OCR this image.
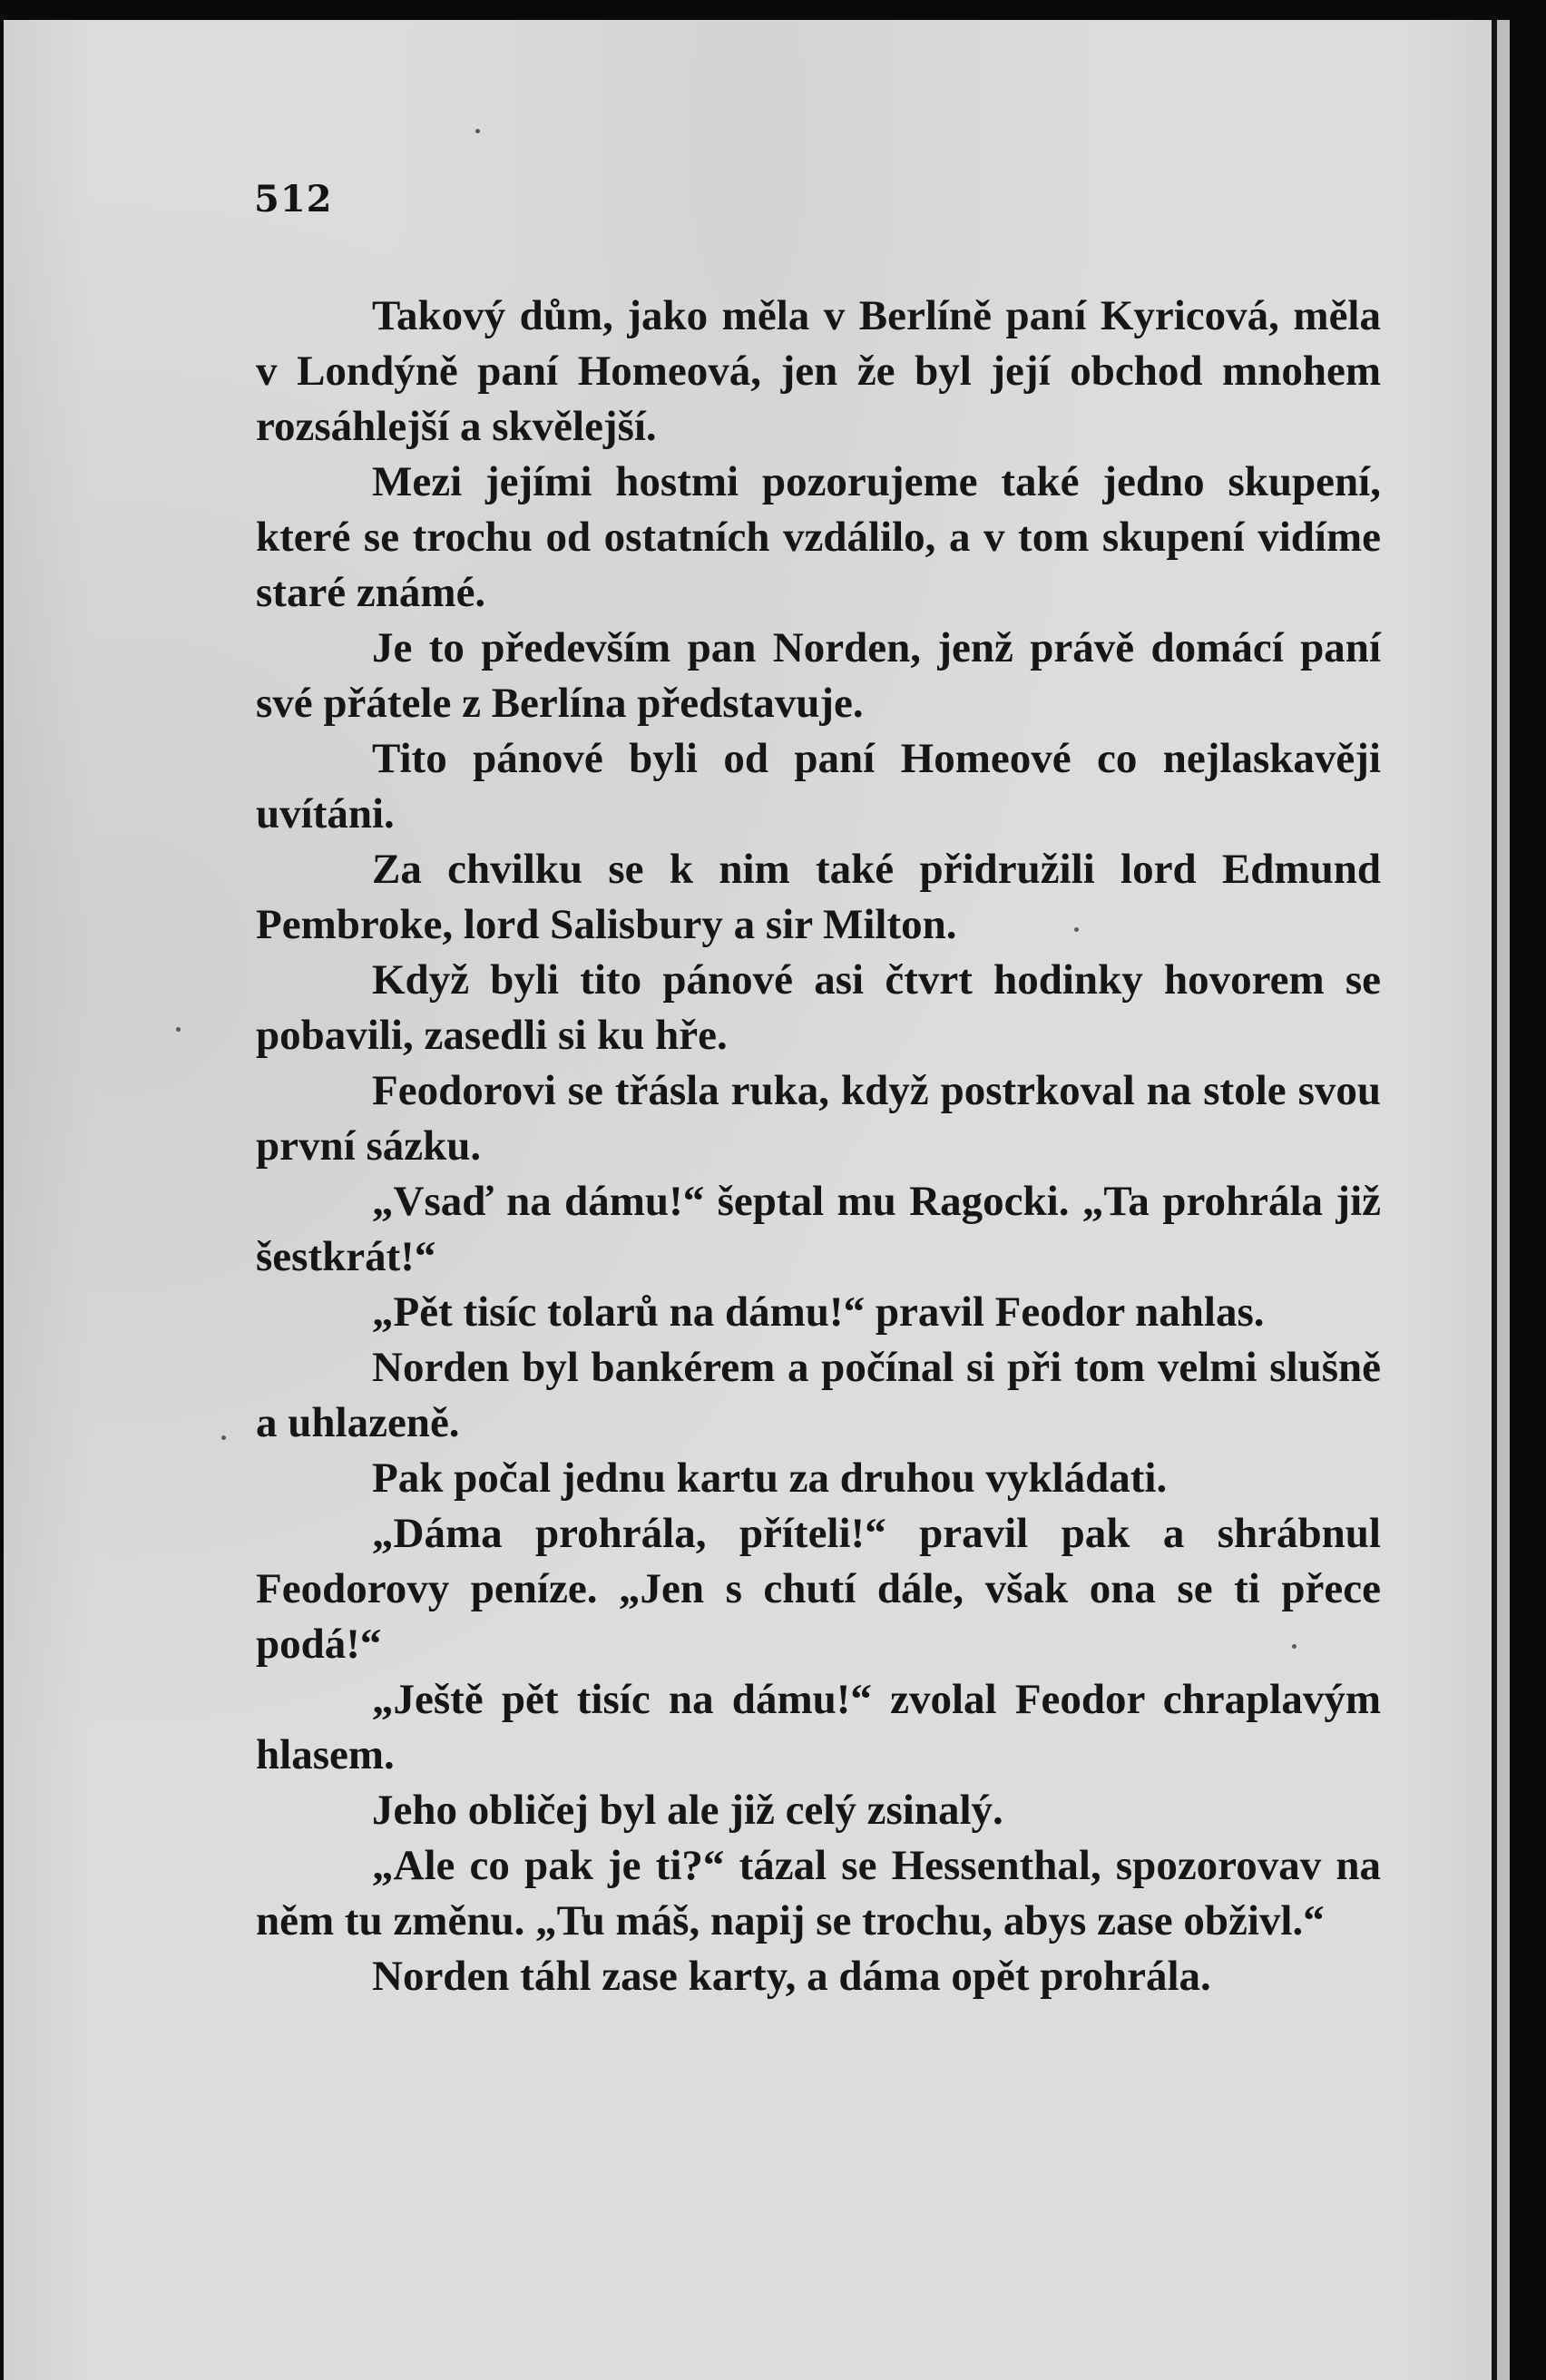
512

Takový dům, jako měla v Berlíně paní Kyricová, měla v Londýně paní Homeová, jen že byl její obchod mnohem rozsáhlejší a skvělejší.

Mezi jejími hostmi pozorujeme také jedno skupení, které se trochu od ostatních vzdálilo, a v tom skupení vidíme staré známé.

Je to především pan Norden, jenž právě domácí paní své přátele z Berlína představuje.

Tito pánové byli od paní Homeové co nejlaskavěji uvítáni.

Za chvilku se k nim také přidružili lord Edmund Pembroke, lord Salisbury a sir Milton.

Když byli tito pánové asi čtvrt hodinky hovorem se pobavili, zasedli si ku hře.

Feodorovi se třásla ruka, když postrkoval na stole svou první sázku.

„Vsaď na dámu!“ šeptal mu Ragocki. „Ta prohrála již šestkrát!“

„Pět tisíc tolarů na dámu!“ pravil Feodor nahlas.

Norden byl bankérem a počínal si při tom velmi slušně a uhlazeně.

Pak počal jednu kartu za druhou vykládati.

„Dáma prohrála, příteli!“ pravil pak a shrábnul Feodorovy peníze. „Jen s chutí dále, však ona se ti přece podá!“

„Ještě pět tisíc na dámu!“ zvolal Feodor chraplavým hlasem.

Jeho obličej byl ale již celý zsinalý.

„Ale co pak je ti?“ tázal se Hessenthal, spozorovav na něm tu změnu. „Tu máš, napij se trochu, abys zase obživl.“

Norden táhl zase karty, a dáma opět prohrála.
